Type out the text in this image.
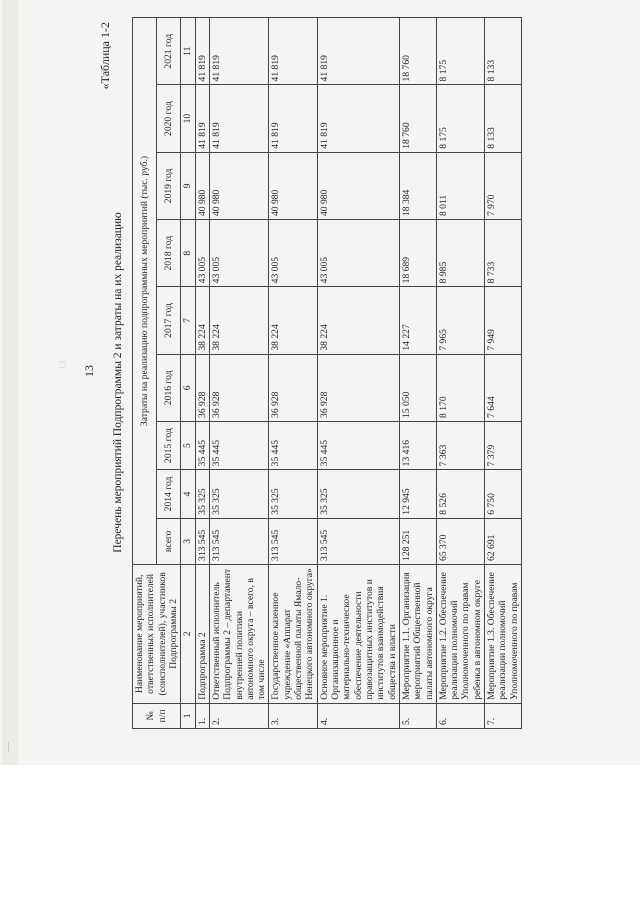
13 13
«Таблица 1-2
Перечень мероприятий Подпрограммы 2 и затраты на их реализацию
№ п/п	Наименование мероприятий, ответственных исполнителей (соисполнителей), участников Подпрограммы 2	Затраты на реализацию подпрограммных мероприятий (тыс. руб.)								
		всего	2014 год	2015 год	2016 год	2017 год	2018 год	2019 год	2020 год	2021 год
1	2	3	4	5	6	7	8	9	10	11
1.	Подпрограмма 2	313 545	35 325	35 445	36 928	38 224	43 005	40 980	41 819	41 819
2.	Ответственный исполнитель Подпрограммы 2 – департамент внутренней политики автономного округа – всего, в том числе	313 545	35 325	35 445	36 928	38 224	43 005	40 980	41 819	41 819
3.	Государственное казенное учреждение «Аппарат общественной палаты Ямало-Ненецкого автономного округа»	313 545	35 325	35 445	36 928	38 224	43 005	40 980	41 819	41 819
4.	Основное мероприятие 1. Организационное и материально-техническое обеспечение деятельности правозащитных институтов и институтов взаимодействия общества и власти	313 545	35 325	35 445	36 928	38 224	43 005	40 980	41 819	41 819
5.	Мероприятие 1.1. Организация мероприятий Общественной палаты автономного округа	128 251	12 945	13 416	15 050	14 227	18 689	18 384	18 760	18 760
6.	Мероприятие 1.2. Обеспечение реализации полномочий Уполномоченного по правам ребенка в автономном округе	65 370	8 526	7 363	8 170	7 965	8 985	8 011	8 175	8 175
7.	Мероприятие 1.3. Обеспечение реализации полномочий Уполномоченного по правам	62 691	6 750	7 379	7 644	7 949	8 733	7 970	8 133	8 133
